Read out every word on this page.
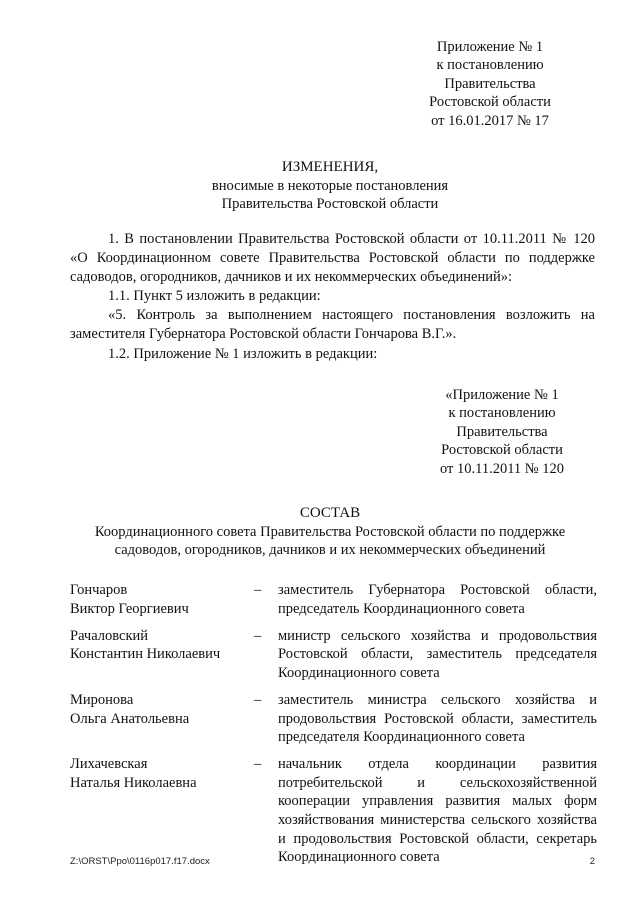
Приложение № 1
к постановлению
Правительства
Ростовской области
от 16.01.2017 № 17
ИЗМЕНЕНИЯ,
вносимые в некоторые постановления
Правительства Ростовской области
1. В постановлении Правительства Ростовской области от 10.11.2011 № 120 «О Координационном совете Правительства Ростовской области по поддержке садоводов, огородников, дачников и их некоммерческих объединений»:
1.1. Пункт 5 изложить в редакции:
«5. Контроль за выполнением настоящего постановления возложить на заместителя Губернатора Ростовской области Гончарова В.Г.».
1.2. Приложение № 1 изложить в редакции:
«Приложение № 1
к постановлению
Правительства
Ростовской области
от 10.11.2011 № 120
СОСТАВ
Координационного совета Правительства Ростовской области по поддержке
садоводов, огородников, дачников и их некоммерческих объединений
Гончаров
Виктор Георгиевич
–	заместитель Губернатора Ростовской области, председатель Координационного совета
Рачаловский
Константин Николаевич
–	министр сельского хозяйства и продовольствия Ростовской области, заместитель председателя Координационного совета
Миронова
Ольга Анатольевна
–	заместитель министра сельского хозяйства и продовольствия Ростовской области, заместитель председателя Координационного совета
Лихачевская
Наталья Николаевна
–	начальник отдела координации развития потребительской и сельскохозяйственной кооперации управления развития малых форм хозяйствования министерства сельского хозяйства и продовольствия Ростовской области, секретарь Координационного совета
Z:\ORST\Ppo\0116p017.f17.docx	2
